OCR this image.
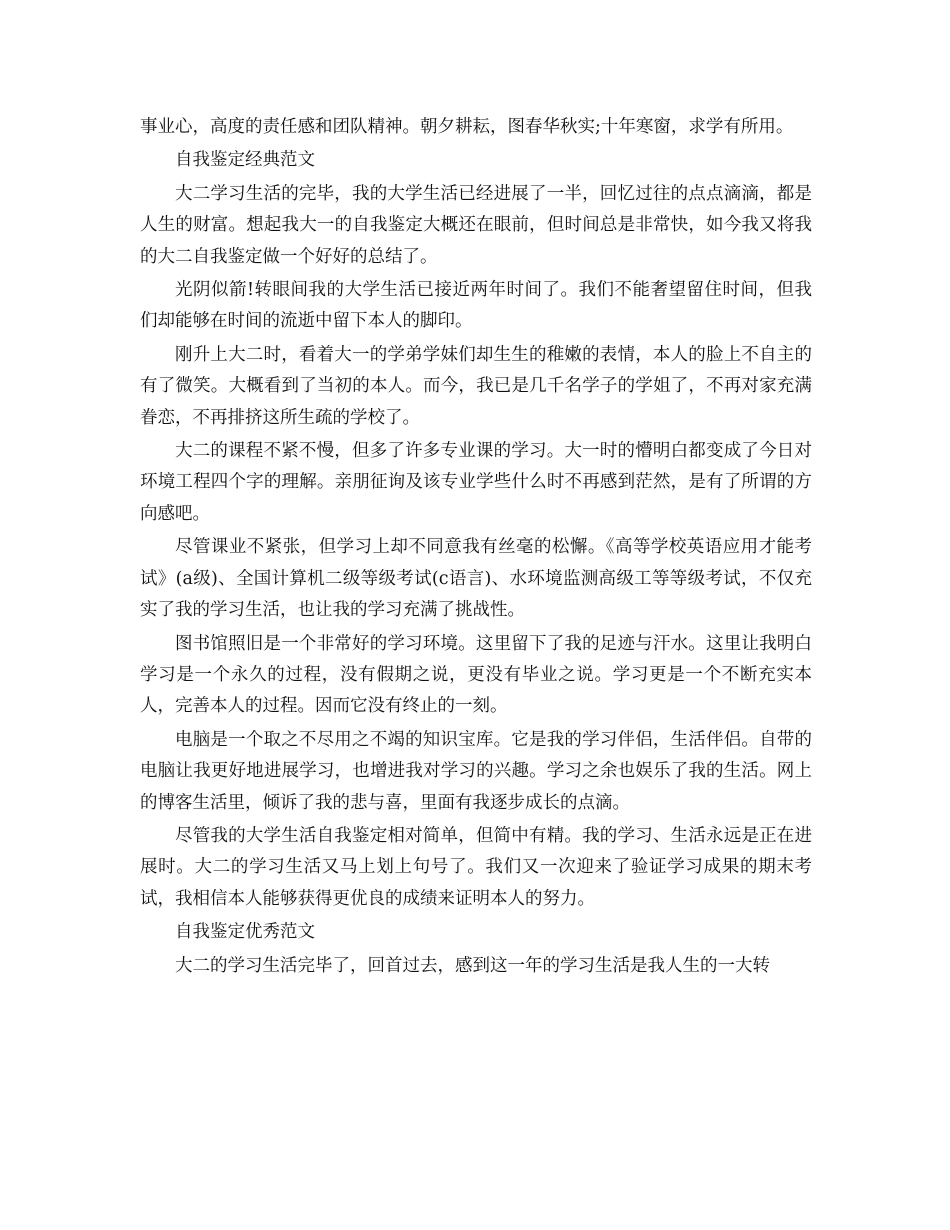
事业心，高度的责任感和团队精神。朝夕耕耘，图春华秋实;十年寒窗，求学有所用。

自我鉴定经典范文

大二学习生活的完毕，我的大学生活已经进展了一半，回忆过往的点点滴滴，都是人生的财富。想起我大一的自我鉴定大概还在眼前，但时间总是非常快，如今我又将我的大二自我鉴定做一个好好的总结了。

光阴似箭!转眼间我的大学生活已接近两年时间了。我们不能奢望留住时间，但我们却能够在时间的流逝中留下本人的脚印。

刚升上大二时，看着大一的学弟学妹们却生生的稚嫩的表情，本人的脸上不自主的有了微笑。大概看到了当初的本人。而今，我已是几千名学子的学姐了，不再对家充满眷恋，不再排挤这所生疏的学校了。

大二的课程不紧不慢，但多了许多专业课的学习。大一时的懵明白都变成了今日对环境工程四个字的理解。亲朋征询及该专业学些什么时不再感到茫然，是有了所谓的方向感吧。

尽管课业不紧张，但学习上却不同意我有丝毫的松懈。《高等学校英语应用才能考试》(a级)、全国计算机二级等级考试(c语言)、水环境监测高级工等等级考试，不仅充实了我的学习生活，也让我的学习充满了挑战性。

图书馆照旧是一个非常好的学习环境。这里留下了我的足迹与汗水。这里让我明白学习是一个永久的过程，没有假期之说，更没有毕业之说。学习更是一个不断充实本人，完善本人的过程。因而它没有终止的一刻。

电脑是一个取之不尽用之不竭的知识宝库。它是我的学习伴侣，生活伴侣。自带的电脑让我更好地进展学习，也增进我对学习的兴趣。学习之余也娱乐了我的生活。网上的博客生活里，倾诉了我的悲与喜，里面有我逐步成长的点滴。

尽管我的大学生活自我鉴定相对简单，但简中有精。我的学习、生活永远是正在进展时。大二的学习生活又马上划上句号了。我们又一次迎来了验证学习成果的期末考试，我相信本人能够获得更优良的成绩来证明本人的努力。

自我鉴定优秀范文

大二的学习生活完毕了，回首过去，感到这一年的学习生活是我人生的一大转
